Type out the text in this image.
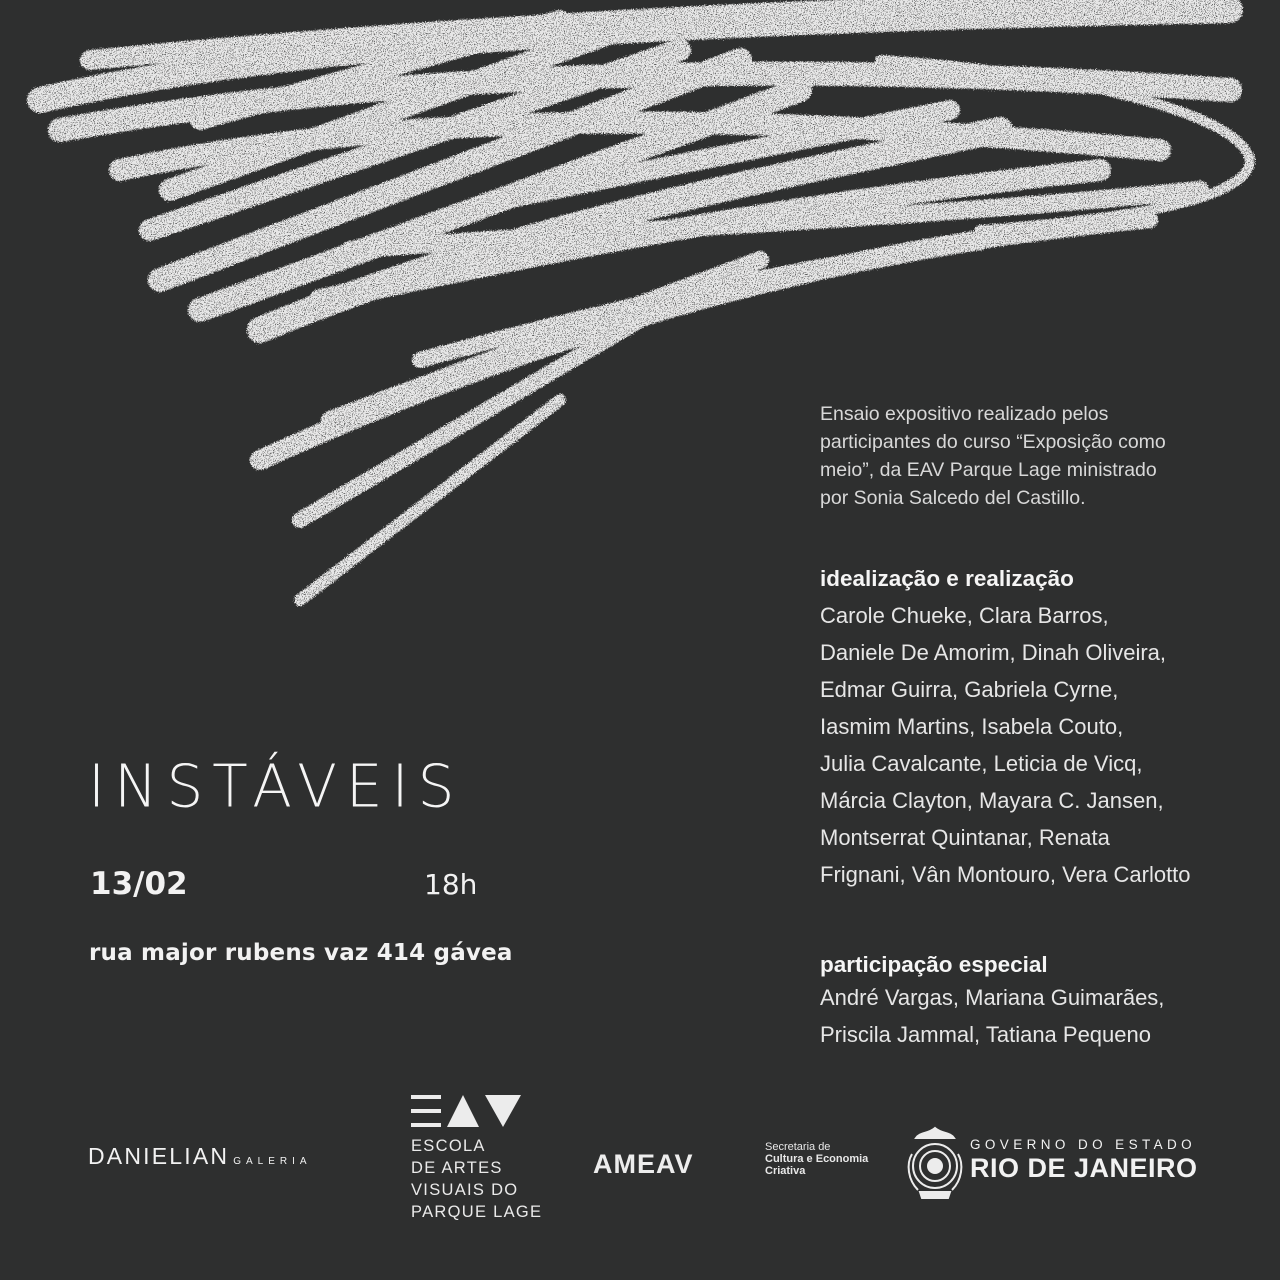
INSTÁVEIS
13/02	18h
rua major rubens vaz 414 gávea

Ensaio expositivo realizado pelos

participantes do curso “Exposição como

meio”, da EAV Parque Lage ministrado

por Sonia Salcedo del Castillo.

idealização e realização
Carole Chueke, Clara Barros,
Daniele De Amorim, Dinah Oliveira,
Edmar Guirra, Gabriela Cyrne,
Iasmim Martins, Isabela Couto,
Julia Cavalcante, Leticia de Vicq,
Márcia Clayton, Mayara C. Jansen,
Montserrat Quintanar, Renata
Frignani, Vân Montouro, Vera Carlotto
participação especial
André Vargas, Mariana Guimarães,
Priscila Jammal, Tatiana Pequeno
DANIELIAN GALERIA
ESCOLA
DE ARTES
VISUAIS DO
PARQUE LAGE
AMEAV
Secretaria de
Cultura e Economia
Criativa
GOVERNO DO ESTADO
RIO DE JANEIRO
